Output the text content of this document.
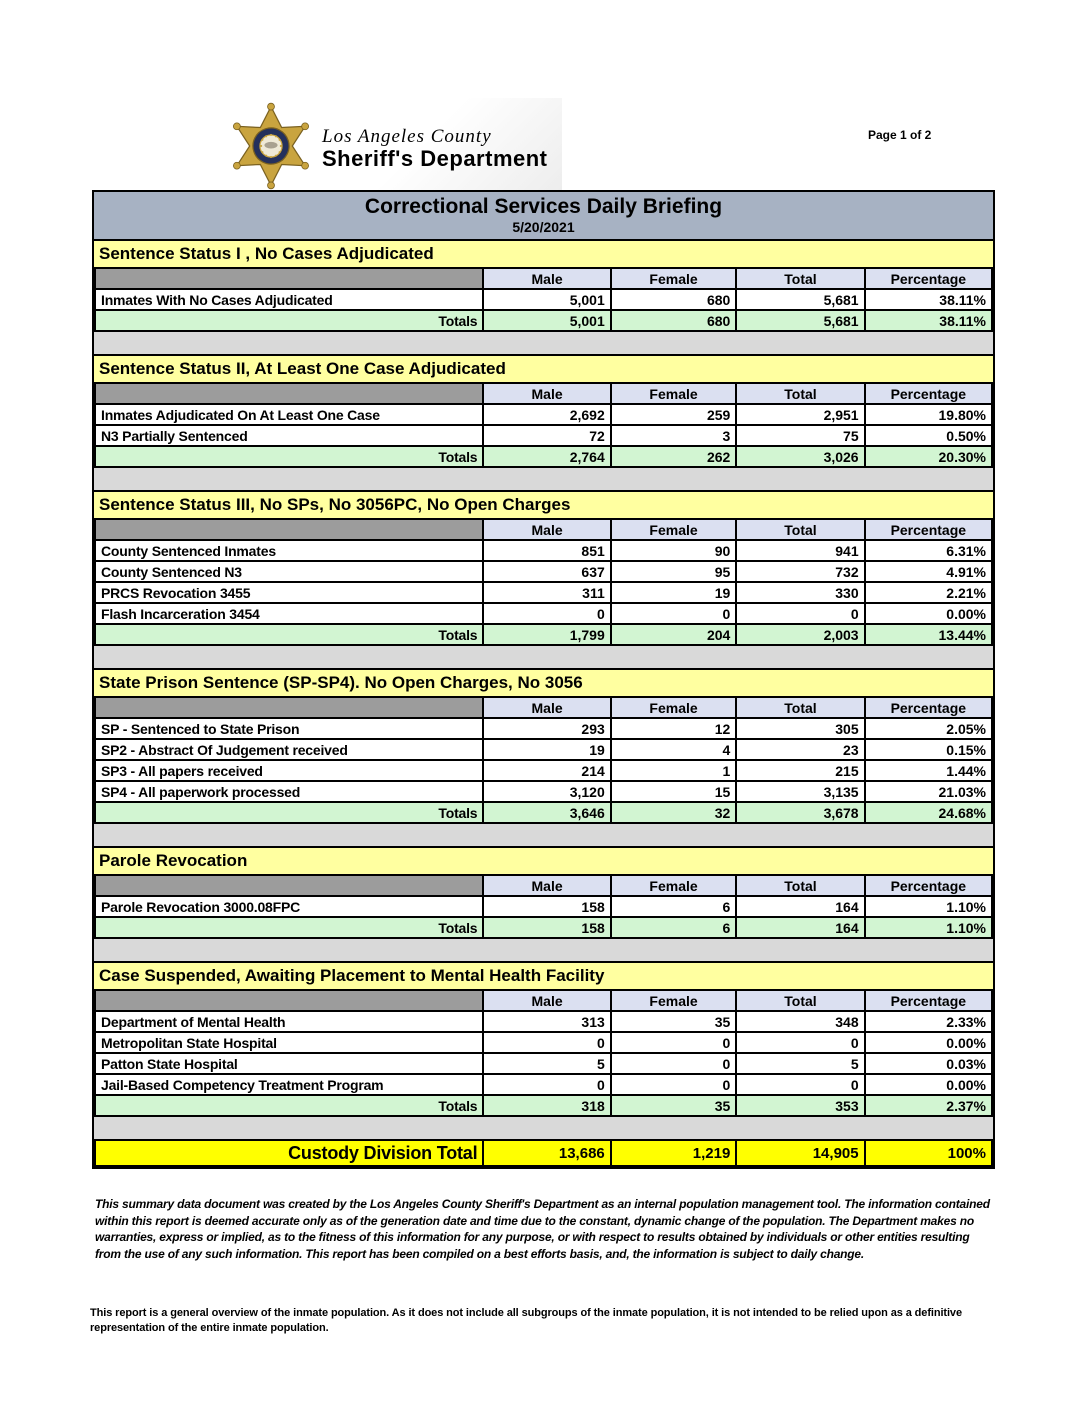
Page 1 of 2
Los Angeles County
Sheriff's Department
Correctional Services Daily Briefing
5/20/2021
Sentence Status I , No Cases Adjudicated
	Male	Female	Total	Percentage
Inmates With No Cases Adjudicated	5,001	680	5,681	38.11%
Totals	5,001	680	5,681	38.11%
Sentence Status II, At Least One Case Adjudicated
	Male	Female	Total	Percentage
Inmates Adjudicated On At Least One Case	2,692	259	2,951	19.80%
N3 Partially Sentenced	72	3	75	0.50%
Totals	2,764	262	3,026	20.30%
Sentence Status III, No SPs, No 3056PC, No Open Charges
	Male	Female	Total	Percentage
County Sentenced Inmates	851	90	941	6.31%
County Sentenced N3	637	95	732	4.91%
PRCS Revocation 3455	311	19	330	2.21%
Flash Incarceration 3454	0	0	0	0.00%
Totals	1,799	204	2,003	13.44%
State Prison Sentence (SP-SP4). No Open Charges, No 3056
	Male	Female	Total	Percentage
SP - Sentenced to State Prison	293	12	305	2.05%
SP2 - Abstract Of Judgement received	19	4	23	0.15%
SP3 - All papers received	214	1	215	1.44%
SP4 - All paperwork processed	3,120	15	3,135	21.03%
Totals	3,646	32	3,678	24.68%
Parole Revocation
	Male	Female	Total	Percentage
Parole Revocation 3000.08FPC	158	6	164	1.10%
Totals	158	6	164	1.10%
Case Suspended, Awaiting Placement to Mental Health Facility
	Male	Female	Total	Percentage
Department of Mental Health	313	35	348	2.33%
Metropolitan State Hospital	0	0	0	0.00%
Patton State Hospital	5	0	5	0.03%
Jail-Based Competency Treatment Program	0	0	0	0.00%
Totals	318	35	353	2.37%
Custody Division Total	13,686	1,219	14,905	100%
This summary data document was created by the Los Angeles County Sheriff's Department as an internal population management tool. The information contained within this report is deemed accurate only as of the generation date and time due to the constant, dynamic change of the population. The Department makes no warranties, express or implied, as to the fitness of this information for any purpose, or with respect to results obtained by individuals or other entities resulting from the use of any such information. This report has been compiled on a best efforts basis, and, the information is subject to daily change.
This report is a general overview of the inmate population. As it does not include all subgroups of the inmate population, it is not intended to be relied upon as a definitive representation of the entire inmate population.
